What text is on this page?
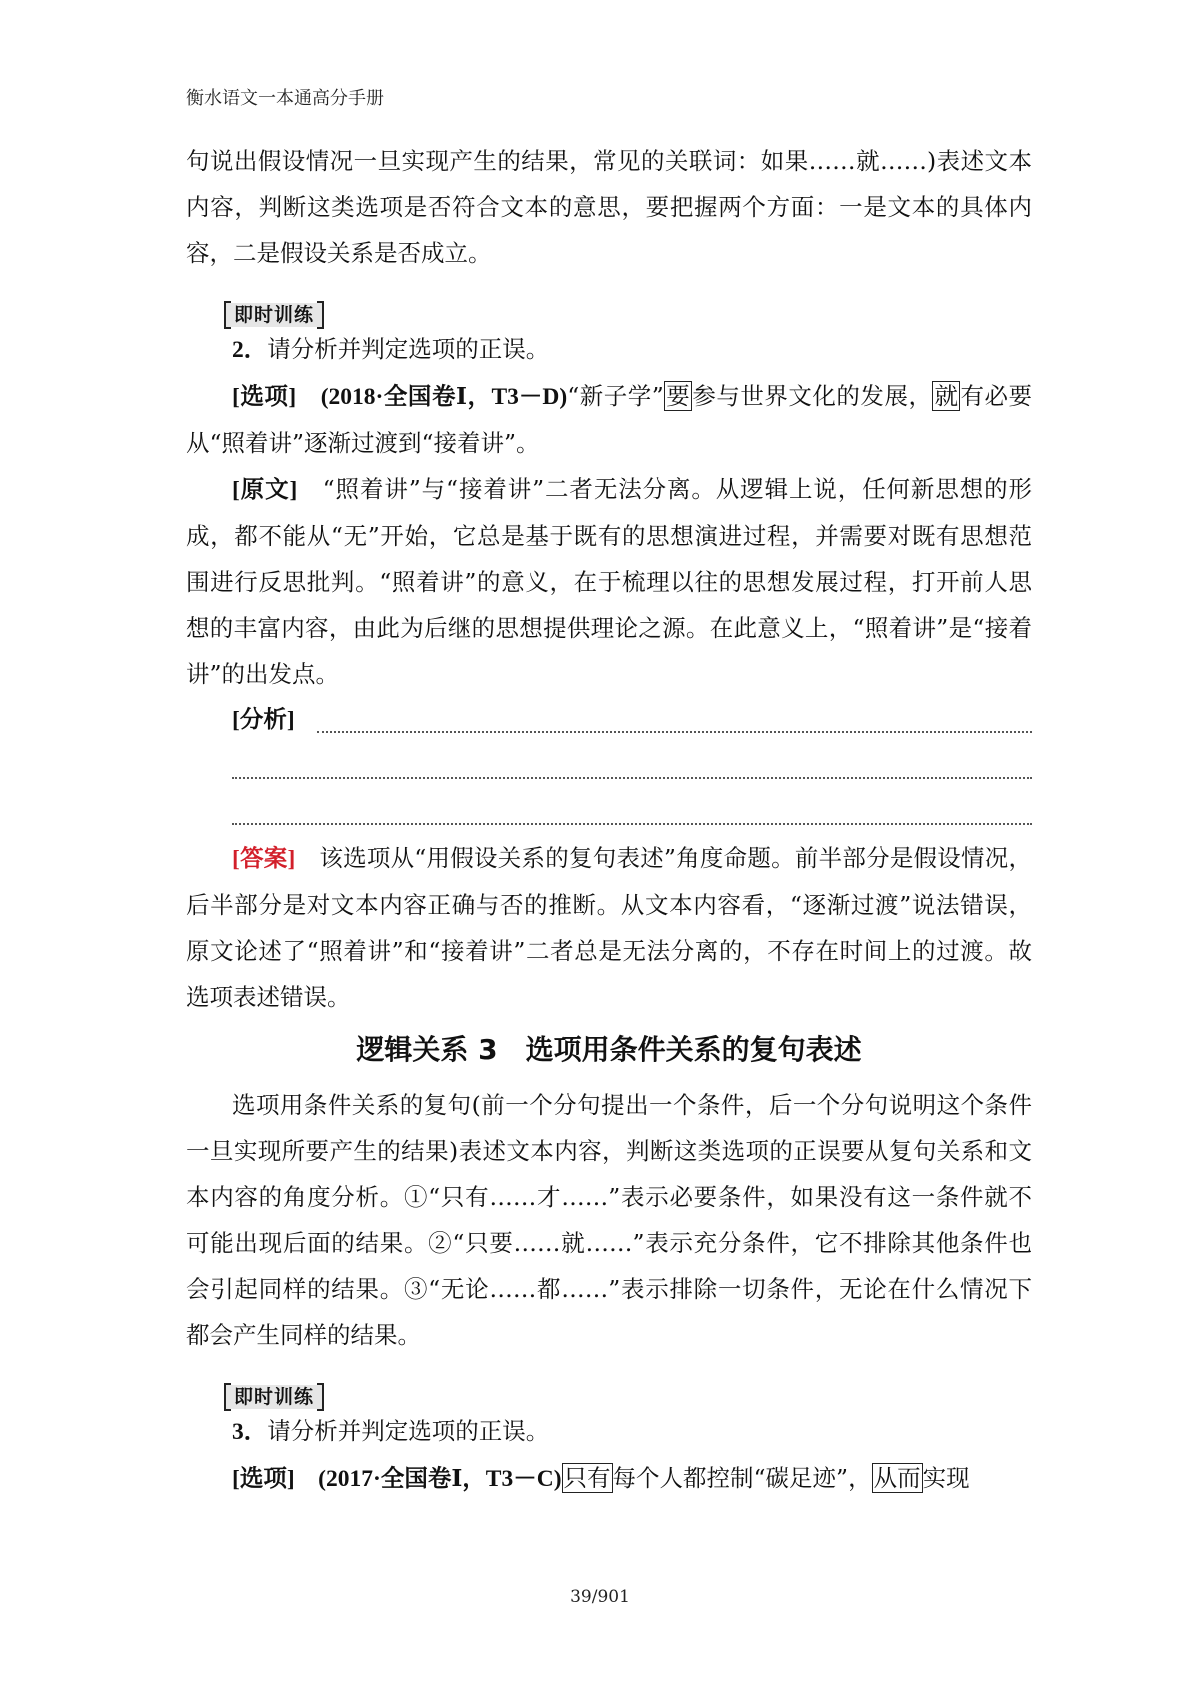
衡水语文一本通高分手册

句说出假设情况一旦实现产生的结果，常见的关联词：如果……就……)表述文本内容，判断这类选项是否符合文本的意思，要把握两个方面：一是文本的具体内容，二是假设关系是否成立。

即时训练

2．请分析并判定选项的正误。

[选项]　 (2018·全国卷Ⅰ，T3－D)“新子学”要参与世界文化的发展，就有必要从“照着讲”逐渐过渡到“接着讲”。

[原文]　 “照着讲”与“接着讲”二者无法分离。从逻辑上说，任何新思想的形成，都不能从“无”开始，它总是基于既有的思想演进过程，并需要对既有思想范围进行反思批判。“照着讲”的意义，在于梳理以往的思想发展过程，打开前人思想的丰富内容，由此为后继的思想提供理论之源。在此意义上，“照着讲”是“接着讲”的出发点。

[分析]

[答案]　 该选项从“用假设关系的复句表述”角度命题。前半部分是假设情况，后半部分是对文本内容正确与否的推断。从文本内容看，“逐渐过渡”说法错误，原文论述了“照着讲”和“接着讲”二者总是无法分离的，不存在时间上的过渡。故选项表述错误。

逻辑关系 3　选项用条件关系的复句表述

选项用条件关系的复句(前一个分句提出一个条件，后一个分句说明这个条件一旦实现所要产生的结果)表述文本内容，判断这类选项的正误要从复句关系和文本内容的角度分析。①“只有……才……”表示必要条件，如果没有这一条件就不可能出现后面的结果。②“只要……就……”表示充分条件，它不排除其他条件也会引起同样的结果。③“无论……都……”表示排除一切条件，无论在什么情况下都会产生同样的结果。

即时训练

3．请分析并判定选项的正误。

[选项]　 (2017·全国卷Ⅰ，T3－C)只有每个人都控制“碳足迹”，从而实现

39/901
